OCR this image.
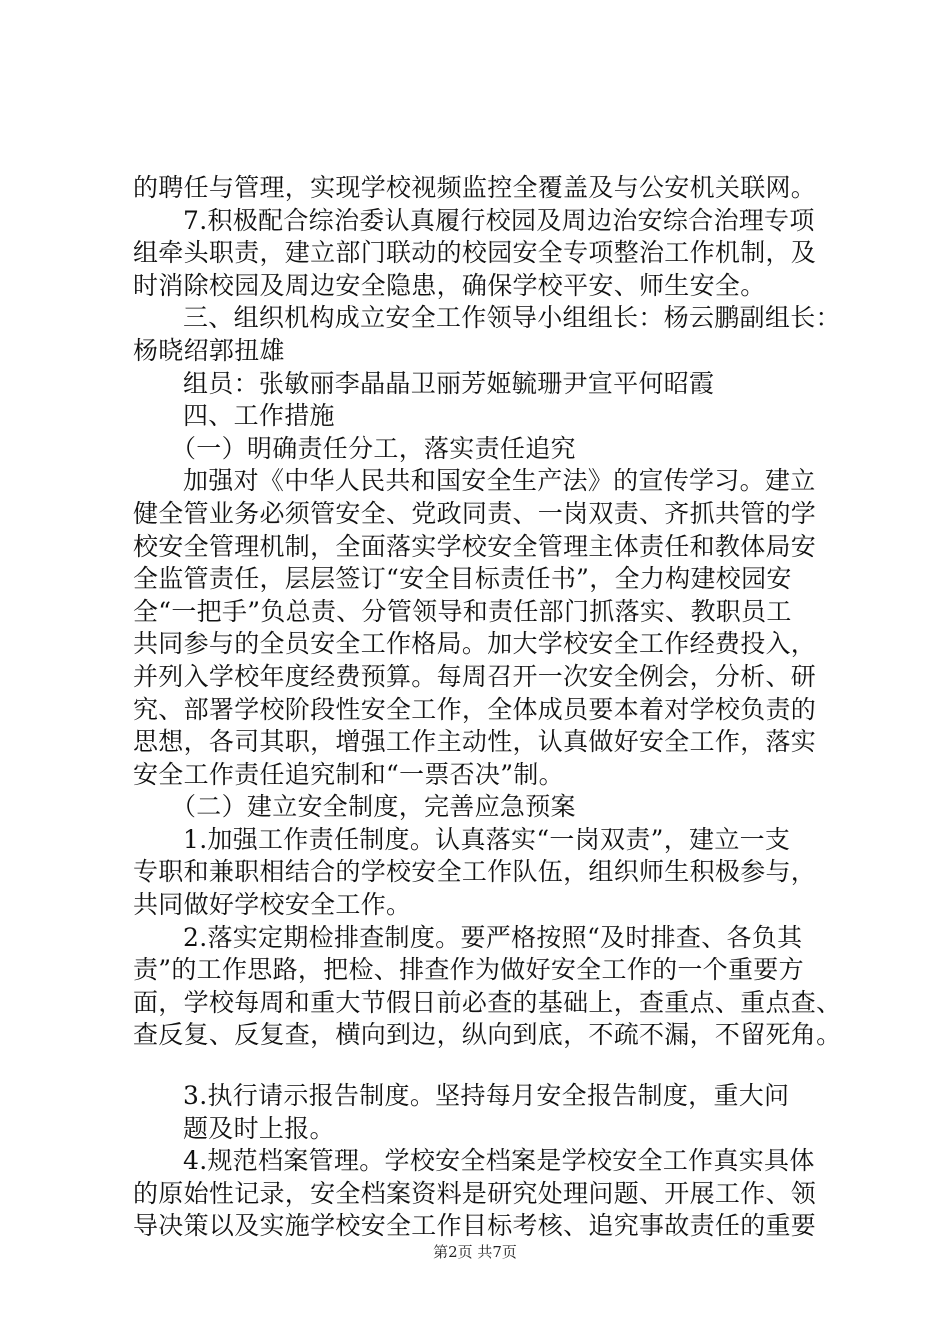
的聘任与管理，实现学校视频监控全覆盖及与公安机关联网。
7.积极配合综治委认真履行校园及周边治安综合治理专项
组牵头职责，建立部门联动的校园安全专项整治工作机制，及
时消除校园及周边安全隐患，确保学校平安、师生安全。
三、组织机构成立安全工作领导小组组长：杨云鹏副组长：
杨晓绍郭扭雄
组员：张敏丽李晶晶卫丽芳姬毓珊尹宣平何昭霞
四、工作措施
（一）明确责任分工，落实责任追究
加强对《中华人民共和国安全生产法》的宣传学习。建立
健全管业务必须管安全、党政同责、一岗双责、齐抓共管的学
校安全管理机制，全面落实学校安全管理主体责任和教体局安
全监管责任，层层签订“安全目标责任书”，全力构建校园安
全“一把手”负总责、分管领导和责任部门抓落实、教职员工
共同参与的全员安全工作格局。加大学校安全工作经费投入，
并列入学校年度经费预算。每周召开一次安全例会，分析、研
究、部署学校阶段性安全工作，全体成员要本着对学校负责的
思想，各司其职，增强工作主动性，认真做好安全工作，落实
安全工作责任追究制和“一票否决”制。
（二）建立安全制度，完善应急预案
1.加强工作责任制度。认真落实“一岗双责”，建立一支
专职和兼职相结合的学校安全工作队伍，组织师生积极参与，
共同做好学校安全工作。
2.落实定期检排查制度。要严格按照“及时排查、各负其
责”的工作思路，把检、排查作为做好安全工作的一个重要方
面，学校每周和重大节假日前必查的基础上，查重点、重点查、
查反复、反复查，横向到边，纵向到底，不疏不漏，不留死角。
3.执行请示报告制度。坚持每月安全报告制度，重大问
题及时上报。
4.规范档案管理。学校安全档案是学校安全工作真实具体
的原始性记录，安全档案资料是研究处理问题、开展工作、领
导决策以及实施学校安全工作目标考核、追究事故责任的重要
第2页 共7页
